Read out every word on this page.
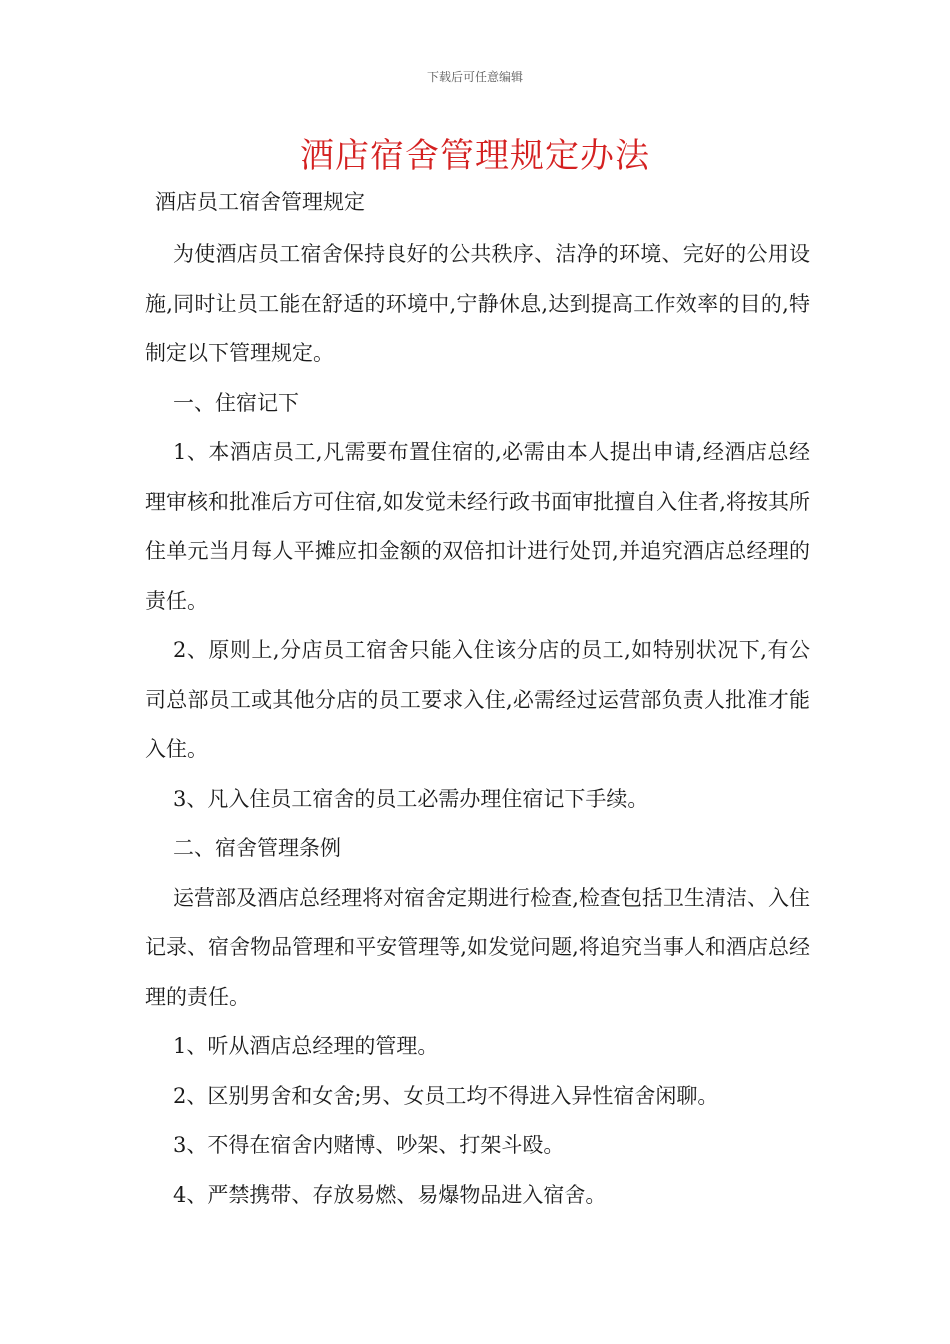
下载后可任意编辑
酒店宿舍管理规定办法
酒店员工宿舍管理规定

为使酒店员工宿舍保持良好的公共秩序、洁净的环境、完好的公用设施,同时让员工能在舒适的环境中,宁静休息,达到提高工作效率的目的,特制定以下管理规定。

一、住宿记下

1、本酒店员工,凡需要布置住宿的,必需由本人提出申请,经酒店总经理审核和批准后方可住宿,如发觉未经行政书面审批擅自入住者,将按其所住单元当月每人平摊应扣金额的双倍扣计进行处罚,并追究酒店总经理的责任。

2、原则上,分店员工宿舍只能入住该分店的员工,如特别状况下,有公司总部员工或其他分店的员工要求入住,必需经过运营部负责人批准才能入住。

3、凡入住员工宿舍的员工必需办理住宿记下手续。

二、宿舍管理条例

运营部及酒店总经理将对宿舍定期进行检查,检查包括卫生清洁、入住记录、宿舍物品管理和平安管理等,如发觉问题,将追究当事人和酒店总经理的责任。

1、听从酒店总经理的管理。

2、区别男舍和女舍;男、女员工均不得进入异性宿舍闲聊。

3、不得在宿舍内赌博、吵架、打架斗殴。

4、严禁携带、存放易燃、易爆物品进入宿舍。
